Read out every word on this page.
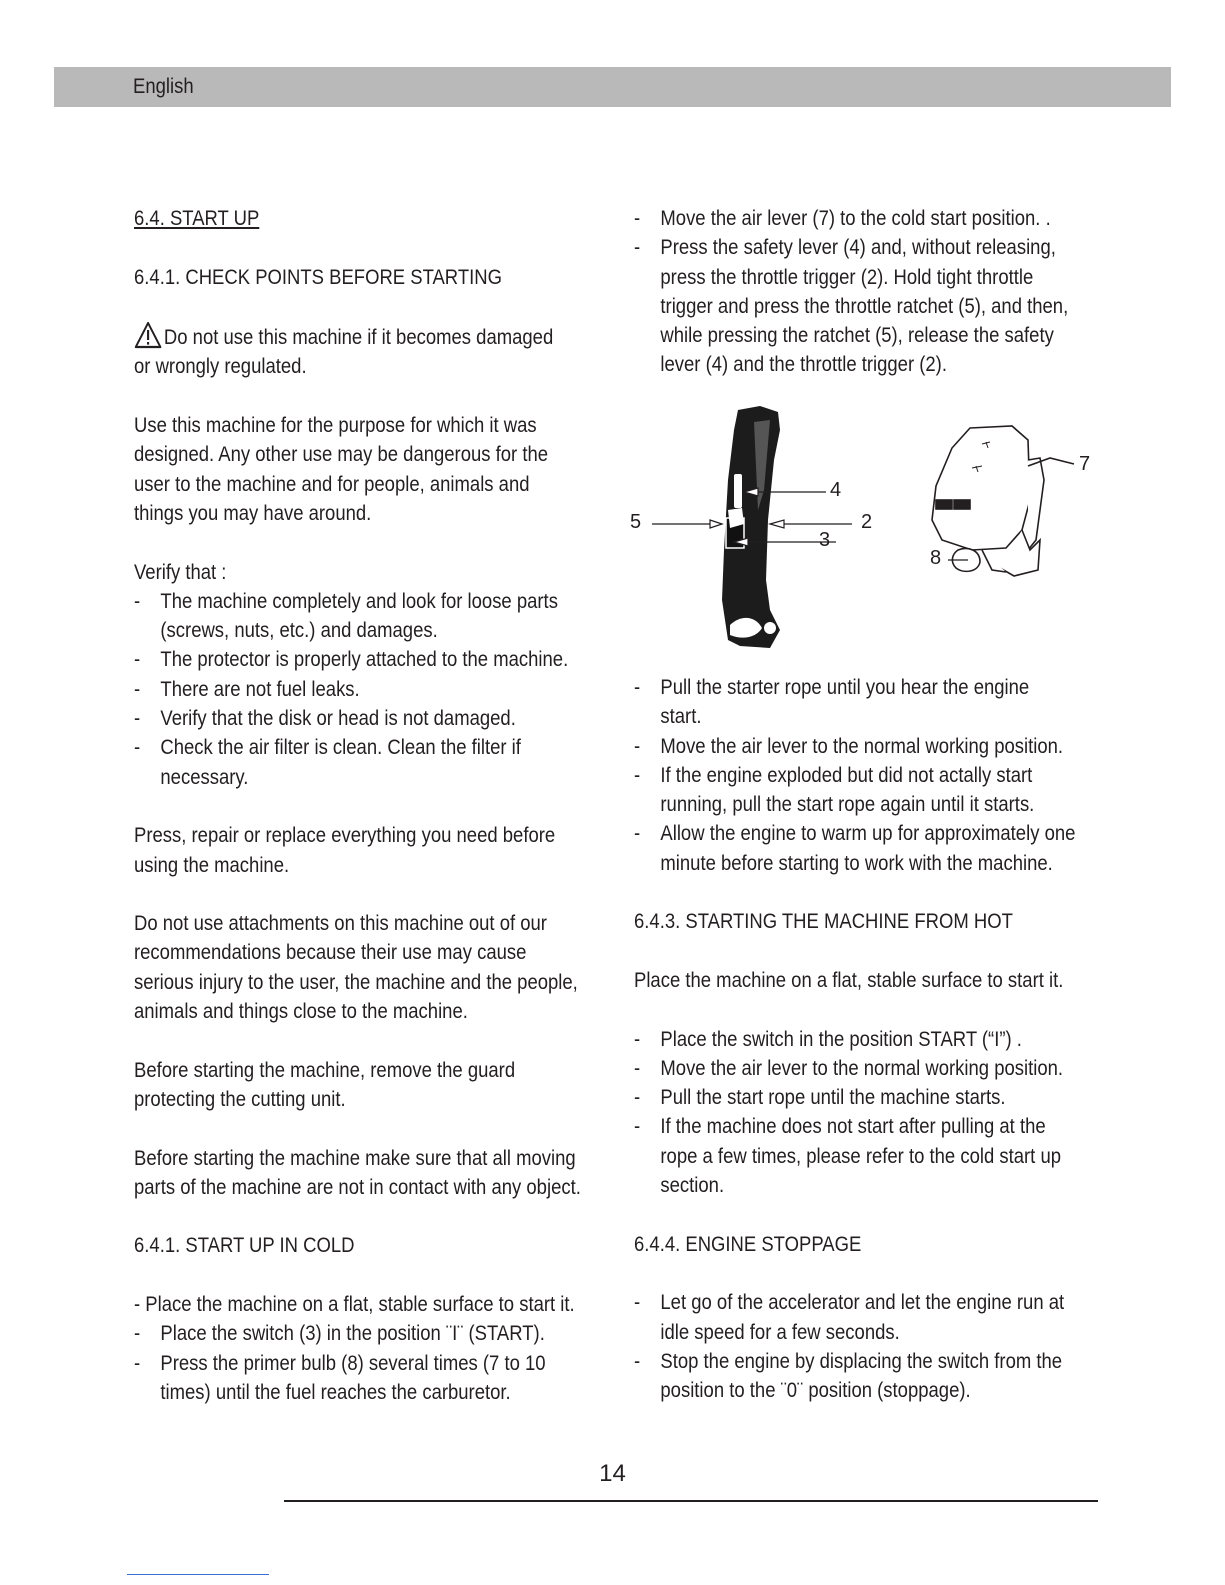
English

6.4. START UP

6.4.1. CHECK POINTS BEFORE STARTING

Do not use this machine if it becomes damaged

or wrongly regulated.

Use this machine for the purpose for which it was

designed. Any other use may be dangerous for the

user to the machine and for people, animals and

things you may have around.

Verify that :

- The machine completely and look for loose parts
(screws, nuts, etc.) and damages.
- The protector is properly attached to the machine.
- There are not fuel leaks.
- Verify that the disk or head is not damaged.
- Check the air filter is clean. Clean the filter if
necessary.

Press, repair or replace everything you need before

using the machine.

Do not use attachments on this machine out of our

recommendations because their use may cause

serious injury to the user, the machine and the people,

animals and things close to the machine.

Before starting the machine, remove the guard

protecting the cutting unit.

Before starting the machine make sure that all moving

parts of the machine are not in contact with any object.

6.4.1. START UP IN COLD

- Place the machine on a flat, stable surface to start it.

- Place the switch (3) in the position ¨I¨ (START).
- Press the primer bulb (8) several times (7 to 10
times) until the fuel reaches the carburetor.
- Move the air lever (7) to the cold start position. .
- Press the safety lever (4) and, without releasing,
press the throttle trigger (2). Hold tight throttle
trigger and press the throttle ratchet (5), and then,
while pressing the ratchet (5), release the safety
lever (4) and the throttle trigger (2).
4
5	2
3
7
8
- Pull the starter rope until you hear the engine
start.
- Move the air lever to the normal working position.
- If the engine exploded but did not actally start
running, pull the start rope again until it starts.
- Allow the engine to warm up for approximately one
minute before starting to work with the machine.

6.4.3. STARTING THE MACHINE FROM HOT

Place the machine on a flat, stable surface to start it.

- Place the switch in the position START (“I”) .
- Move the air lever to the normal working position.
- Pull the start rope until the machine starts.
- If the machine does not start after pulling at the
rope a few times, please refer to the cold start up
section.

6.4.4. ENGINE STOPPAGE

- Let go of the accelerator and let the engine run at
idle speed for a few seconds.
- Stop the engine by displacing the switch from the
position to the ¨0¨ position (stoppage).
14
